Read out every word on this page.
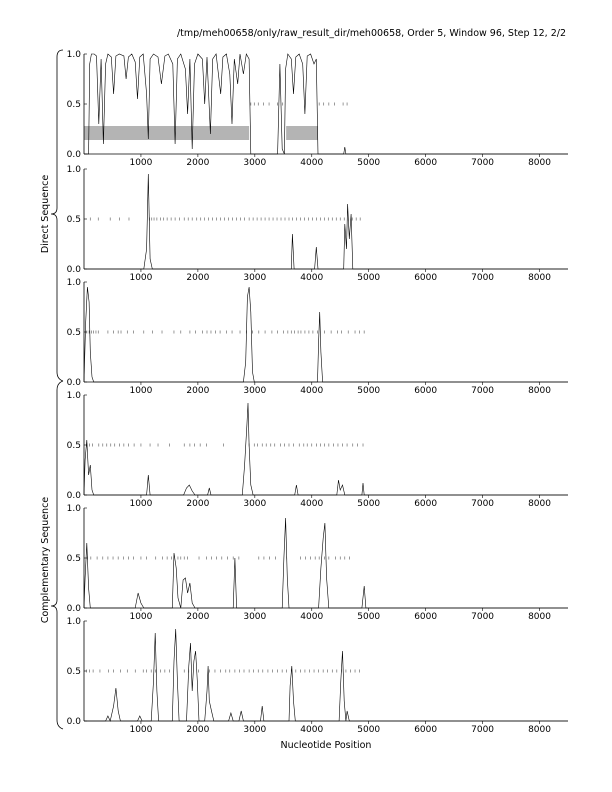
/tmp/meh00658/only/raw_result_dir/meh00658, Order 5, Window 96, Step 12, 2/2
0.0
0.5
1.0
1000	2000	3000	4000	5000	6000	7000	8000
0.0
0.5
1.0
1000	2000	3000	4000	5000	6000	7000	8000
0.0
0.5
1.0
1000	2000	3000	4000	5000	6000	7000	8000
0.0
0.5
1.0
1000	2000	3000	4000	5000	6000	7000	8000
0.0
0.5
1.0
1000	2000	3000	4000	5000	6000	7000	8000
0.0
0.5
1.0
1000	2000	3000	4000	5000	6000	7000	8000
Direct Sequence
Complementary Sequence
Nucleotide Position
